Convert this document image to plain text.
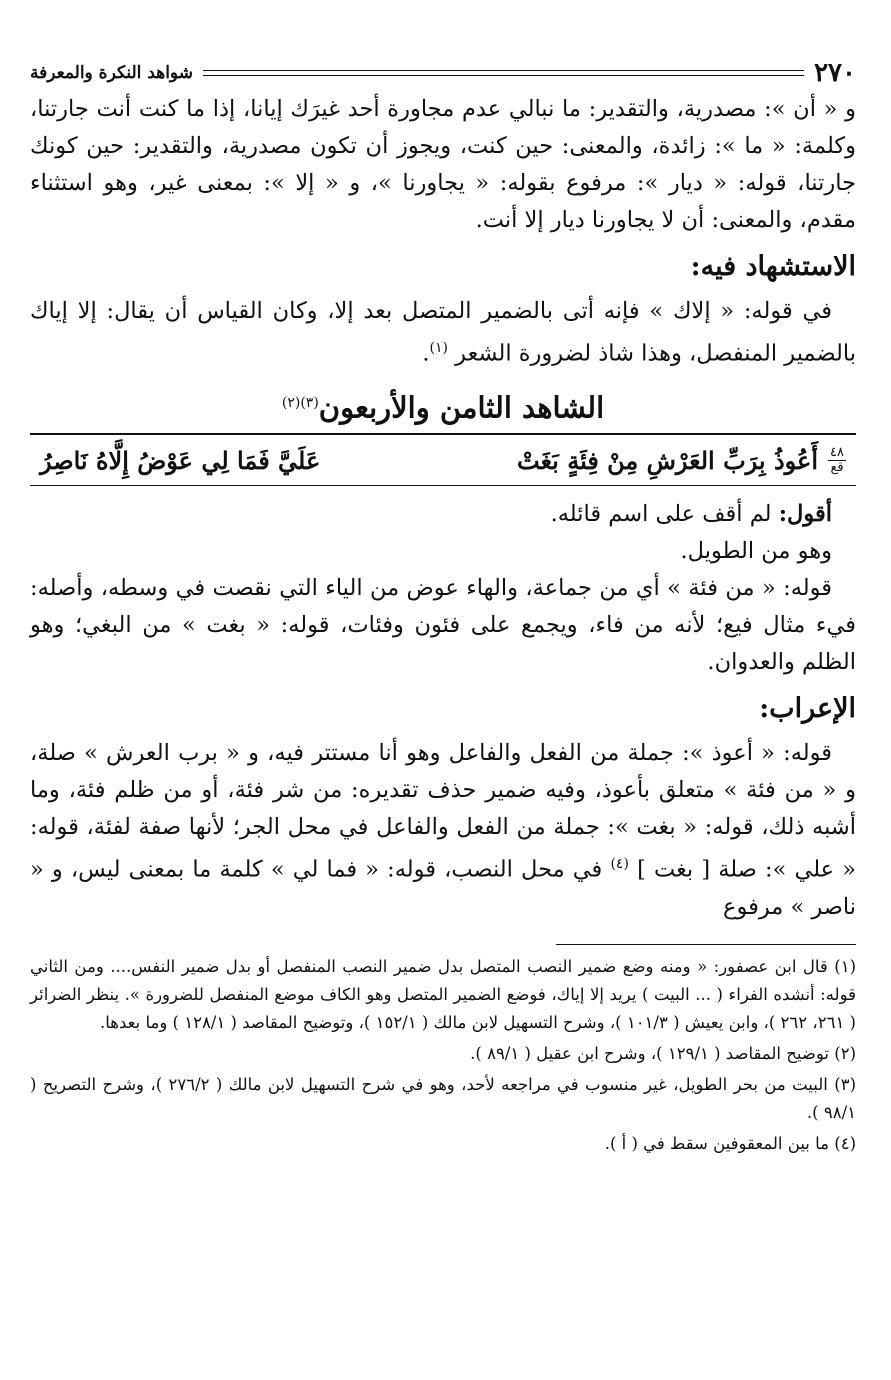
٢٧٠
شواهد النكرة والمعرفة

و « أن »: مصدرية، والتقدير: ما نبالي عدم مجاورة أحد غيرَك إيانا، إذا ما كنت أنت جارتنا، وكلمة: « ما »: زائدة، والمعنى: حين كنت، ويجوز أن تكون مصدرية، والتقدير: حين كونك جارتنا، قوله: « ديار »: مرفوع بقوله: « يجاورنا »، و « إلا »: بمعنى غير، وهو استثناء مقدم، والمعنى: أن لا يجاورنا ديار إلا أنت.

الاستشهاد فيه:

في قوله: « إلاك » فإنه أتى بالضمير المتصل بعد إلا، وكان القياس أن يقال: إلا إياك بالضمير المنفصل، وهذا شاذ لضرورة الشعر $^{(١)}$.

الشاهد الثامن والأربعون$^{(٣)(٢)}$
٤٨
قع
أَعُوذُ بِرَبِّ العَرْشِ مِنْ فِئَةٍ بَغَتْ
عَلَيَّ فَمَا لِي عَوْضُ إِلَّاهُ نَاصِرُ

أقول: لم أقف على اسم قائله.

وهو من الطويل.

قوله: « من فئة » أي من جماعة، والهاء عوض من الياء التي نقصت في وسطه، وأصله: فيء مثال فيع؛ لأنه من فاء، ويجمع على فئون وفئات، قوله: « بغت » من البغي؛ وهو الظلم والعدوان.

الإعراب:

قوله: « أعوذ »: جملة من الفعل والفاعل وهو أنا مستتر فيه، و « برب العرش » صلة، و « من فئة » متعلق بأعوذ، وفيه ضمير حذف تقديره: من شر فئة، أو من ظلم فئة، وما أشبه ذلك، قوله: « بغت »: جملة من الفعل والفاعل في محل الجر؛ لأنها صفة لفئة، قوله: « علي »: صلة [ بغت ] $^{(٤)}$ في محل النصب، قوله: « فما لي » كلمة ما بمعنى ليس، و « ناصر » مرفوع

(١) قال ابن عصفور: « ومنه وضع ضمير النصب المتصل بدل ضمير النصب المنفصل أو بدل ضمير النفس.... ومن الثاني قوله: أنشده الفراء ( ... البيت ) يريد إلا إياك، فوضع الضمير المتصل وهو الكاف موضع المنفصل للضرورة ». ينظر الضرائر ( ٢٦١، ٢٦٢ )، وابن يعيش ( ١٠١/٣ )، وشرح التسهيل لابن مالك ( ١٥٢/١ )، وتوضيح المقاصد ( ١٢٨/١ ) وما بعدها.

(٢) توضيح المقاصد ( ١٢٩/١ )، وشرح ابن عقيل ( ٨٩/١ ).

(٣) البيت من بحر الطويل، غير منسوب في مراجعه لأحد، وهو في شرح التسهيل لابن مالك ( ٢٧٦/٢ )، وشرح التصريح ( ٩٨/١ ).

(٤) ما بين المعقوفين سقط في ( أ ).
